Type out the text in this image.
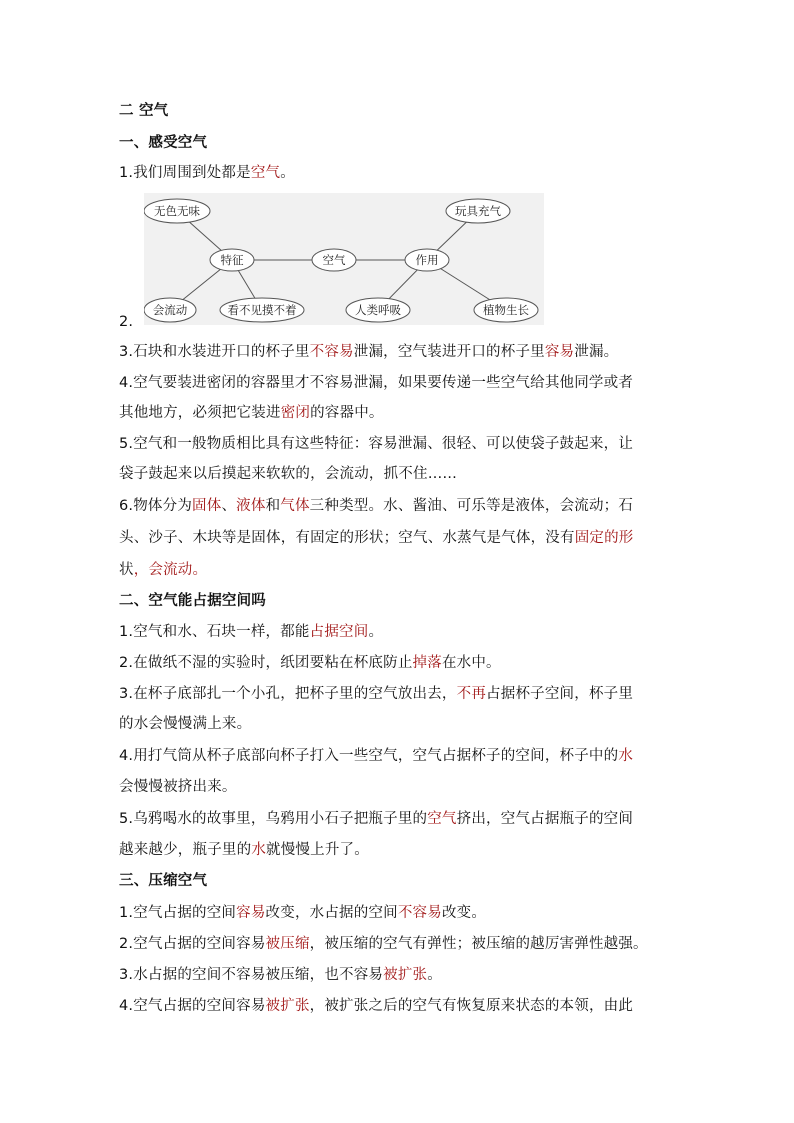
二 空气
一、感受空气
1.我们周围到处都是空气。
无色无味
特征	空气	作用
玩具充气
会流动	看不见摸不着	人类呼吸	植物生长
2.
3.石块和水装进开口的杯子里不容易泄漏，空气装进开口的杯子里容易泄漏。
4.空气要装进密闭的容器里才不容易泄漏，如果要传递一些空气给其他同学或者
其他地方，必须把它装进密闭的容器中。
5.空气和一般物质相比具有这些特征：容易泄漏、很轻、可以使袋子鼓起来，让
袋子鼓起来以后摸起来软软的，会流动，抓不住……
6.物体分为固体、液体和气体三种类型。水、酱油、可乐等是液体，会流动；石
头、沙子、木块等是固体，有固定的形状；空气、水蒸气是气体，没有固定的形
状，会流动。
二、空气能占据空间吗
1.空气和水、石块一样，都能占据空间。
2.在做纸不湿的实验时，纸团要粘在杯底防止掉落在水中。
3.在杯子底部扎一个小孔，把杯子里的空气放出去，不再占据杯子空间，杯子里
的水会慢慢满上来。
4.用打气筒从杯子底部向杯子打入一些空气，空气占据杯子的空间，杯子中的水
会慢慢被挤出来。
5.乌鸦喝水的故事里，乌鸦用小石子把瓶子里的空气挤出，空气占据瓶子的空间
越来越少，瓶子里的水就慢慢上升了。
三、压缩空气
1.空气占据的空间容易改变，水占据的空间不容易改变。
2.空气占据的空间容易被压缩，被压缩的空气有弹性；被压缩的越厉害弹性越强。
3.水占据的空间不容易被压缩，也不容易被扩张。
4.空气占据的空间容易被扩张，被扩张之后的空气有恢复原来状态的本领，由此
